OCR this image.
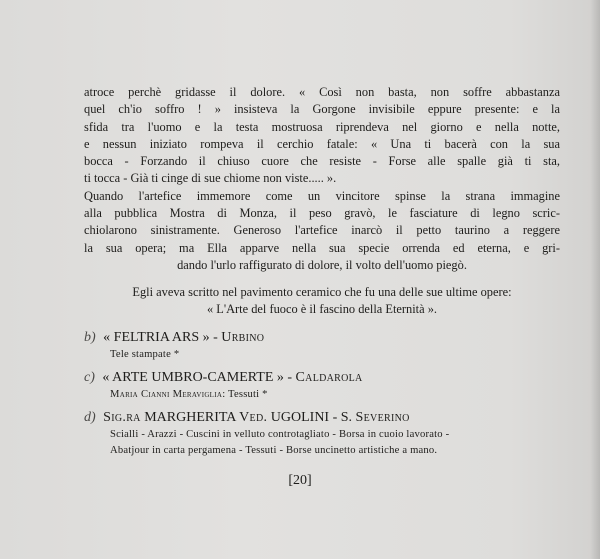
atroce perchè gridasse il dolore. « Così non basta, non soffre abbastanza
quel ch'io soffro ! » insisteva la Gorgone invisibile eppure presente: e la
sfida tra l'uomo e la testa mostruosa riprendeva nel giorno e nella notte,
e nessun iniziato rompeva il cerchio fatale: « Una ti bacerà con la sua
bocca - Forzando il chiuso cuore che resiste - Forse alle spalle già ti sta,
ti tocca - Già ti cinge di sue chiome non viste..... ».
Quando l'artefice immemore come un vincitore spinse la strana immagine
alla pubblica Mostra di Monza, il peso gravò, le fasciature di legno scric-
chiolarono sinistramente. Generoso l'artefice inarcò il petto taurino a reggere
la sua opera; ma Ella apparve nella sua specie orrenda ed eterna, e gri-
dando l'urlo raffigurato di dolore, il volto dell'uomo piegò.
Egli aveva scritto nel pavimento ceramico che fu una delle sue ultime opere:
« L'Arte del fuoco è il fascino della Eternità ».
b) « FELTRIA ARS » - Urbino
Tele stampate *
c) « ARTE UMBRO-CAMERTE » - Caldarola
Maria Cianni Meraviglia: Tessuti *
d) Sig.ra MARGHERITA Ved. UGOLINI - S. Severino
Scialli - Arazzi - Cuscini in velluto controtagliato - Borsa in cuoio lavorato -
Abatjour in carta pergamena - Tessuti - Borse uncinetto artistiche a mano.
[20]
